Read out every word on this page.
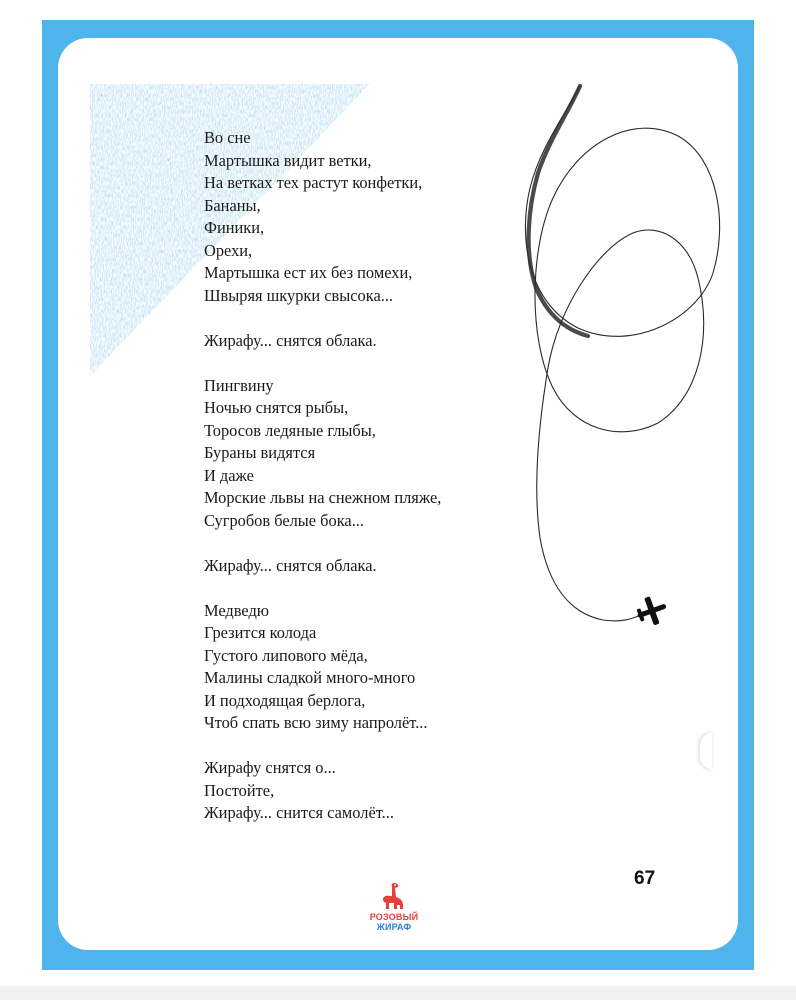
Во сне
Мартышка видит ветки,
На ветках тех растут конфетки,
Бананы,
Финики,
Орехи,
Мартышка ест их без помехи,
Швыряя шкурки свысока...
Жирафу... снятся облака.
Пингвину
Ночью снятся рыбы,
Торосов ледяные глыбы,
Бураны видятся
И даже
Морские львы на снежном пляже,
Сугробов белые бока...
Жирафу... снятся облака.
Медведю
Грезится колода
Густого липового мёда,
Малины сладкой много-много
И подходящая берлога,
Чтоб спать всю зиму напролёт...
Жирафу снятся о...
Постойте,
Жирафу... снится самолёт...
67
РОЗОВЫЙ
ЖИРАФ
